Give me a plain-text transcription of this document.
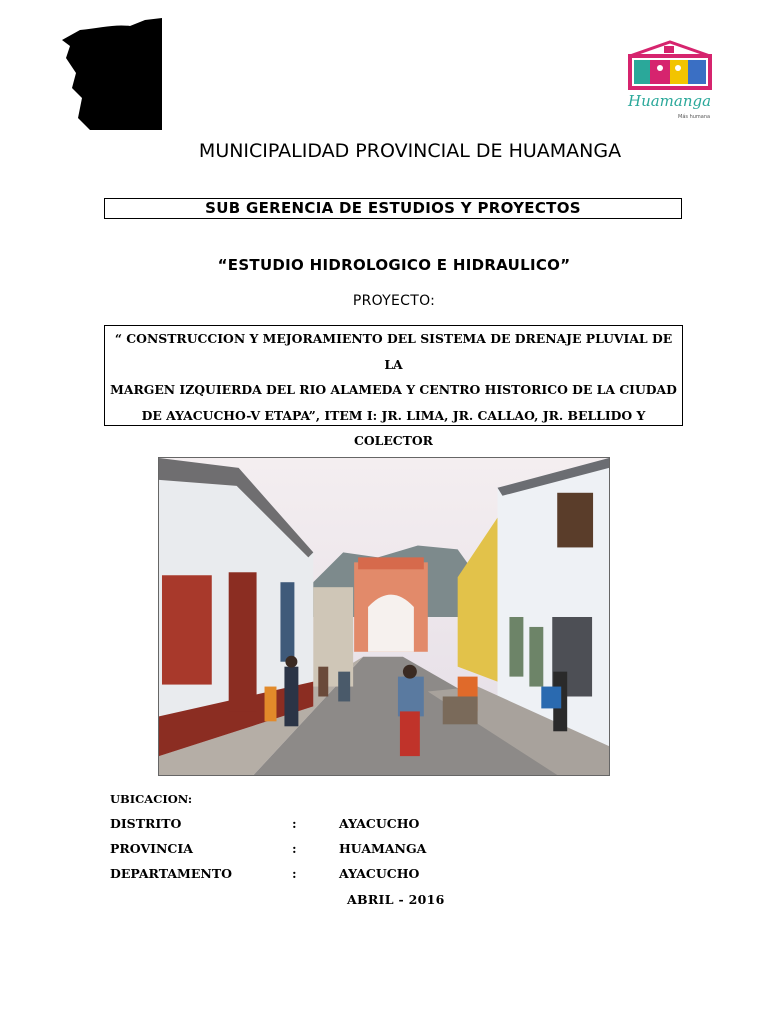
Huamanga
Más humana
MUNICIPALIDAD PROVINCIAL DE HUAMANGA
SUB GERENCIA DE ESTUDIOS Y PROYECTOS
“ESTUDIO HIDROLOGICO E HIDRAULICO”
PROYECTO:
“ CONSTRUCCION Y MEJORAMIENTO DEL SISTEMA DE DRENAJE PLUVIAL DE LA
MARGEN IZQUIERDA DEL RIO ALAMEDA Y CENTRO HISTORICO DE LA CIUDAD
DE AYACUCHO-V ETAPA”, ITEM I: JR. LIMA, JR. CALLAO, JR. BELLIDO Y COLECTOR
UBICACION:
DISTRITO	:	AYACUCHO
PROVINCIA	:	HUAMANGA
DEPARTAMENTO	:	AYACUCHO
ABRIL - 2016
